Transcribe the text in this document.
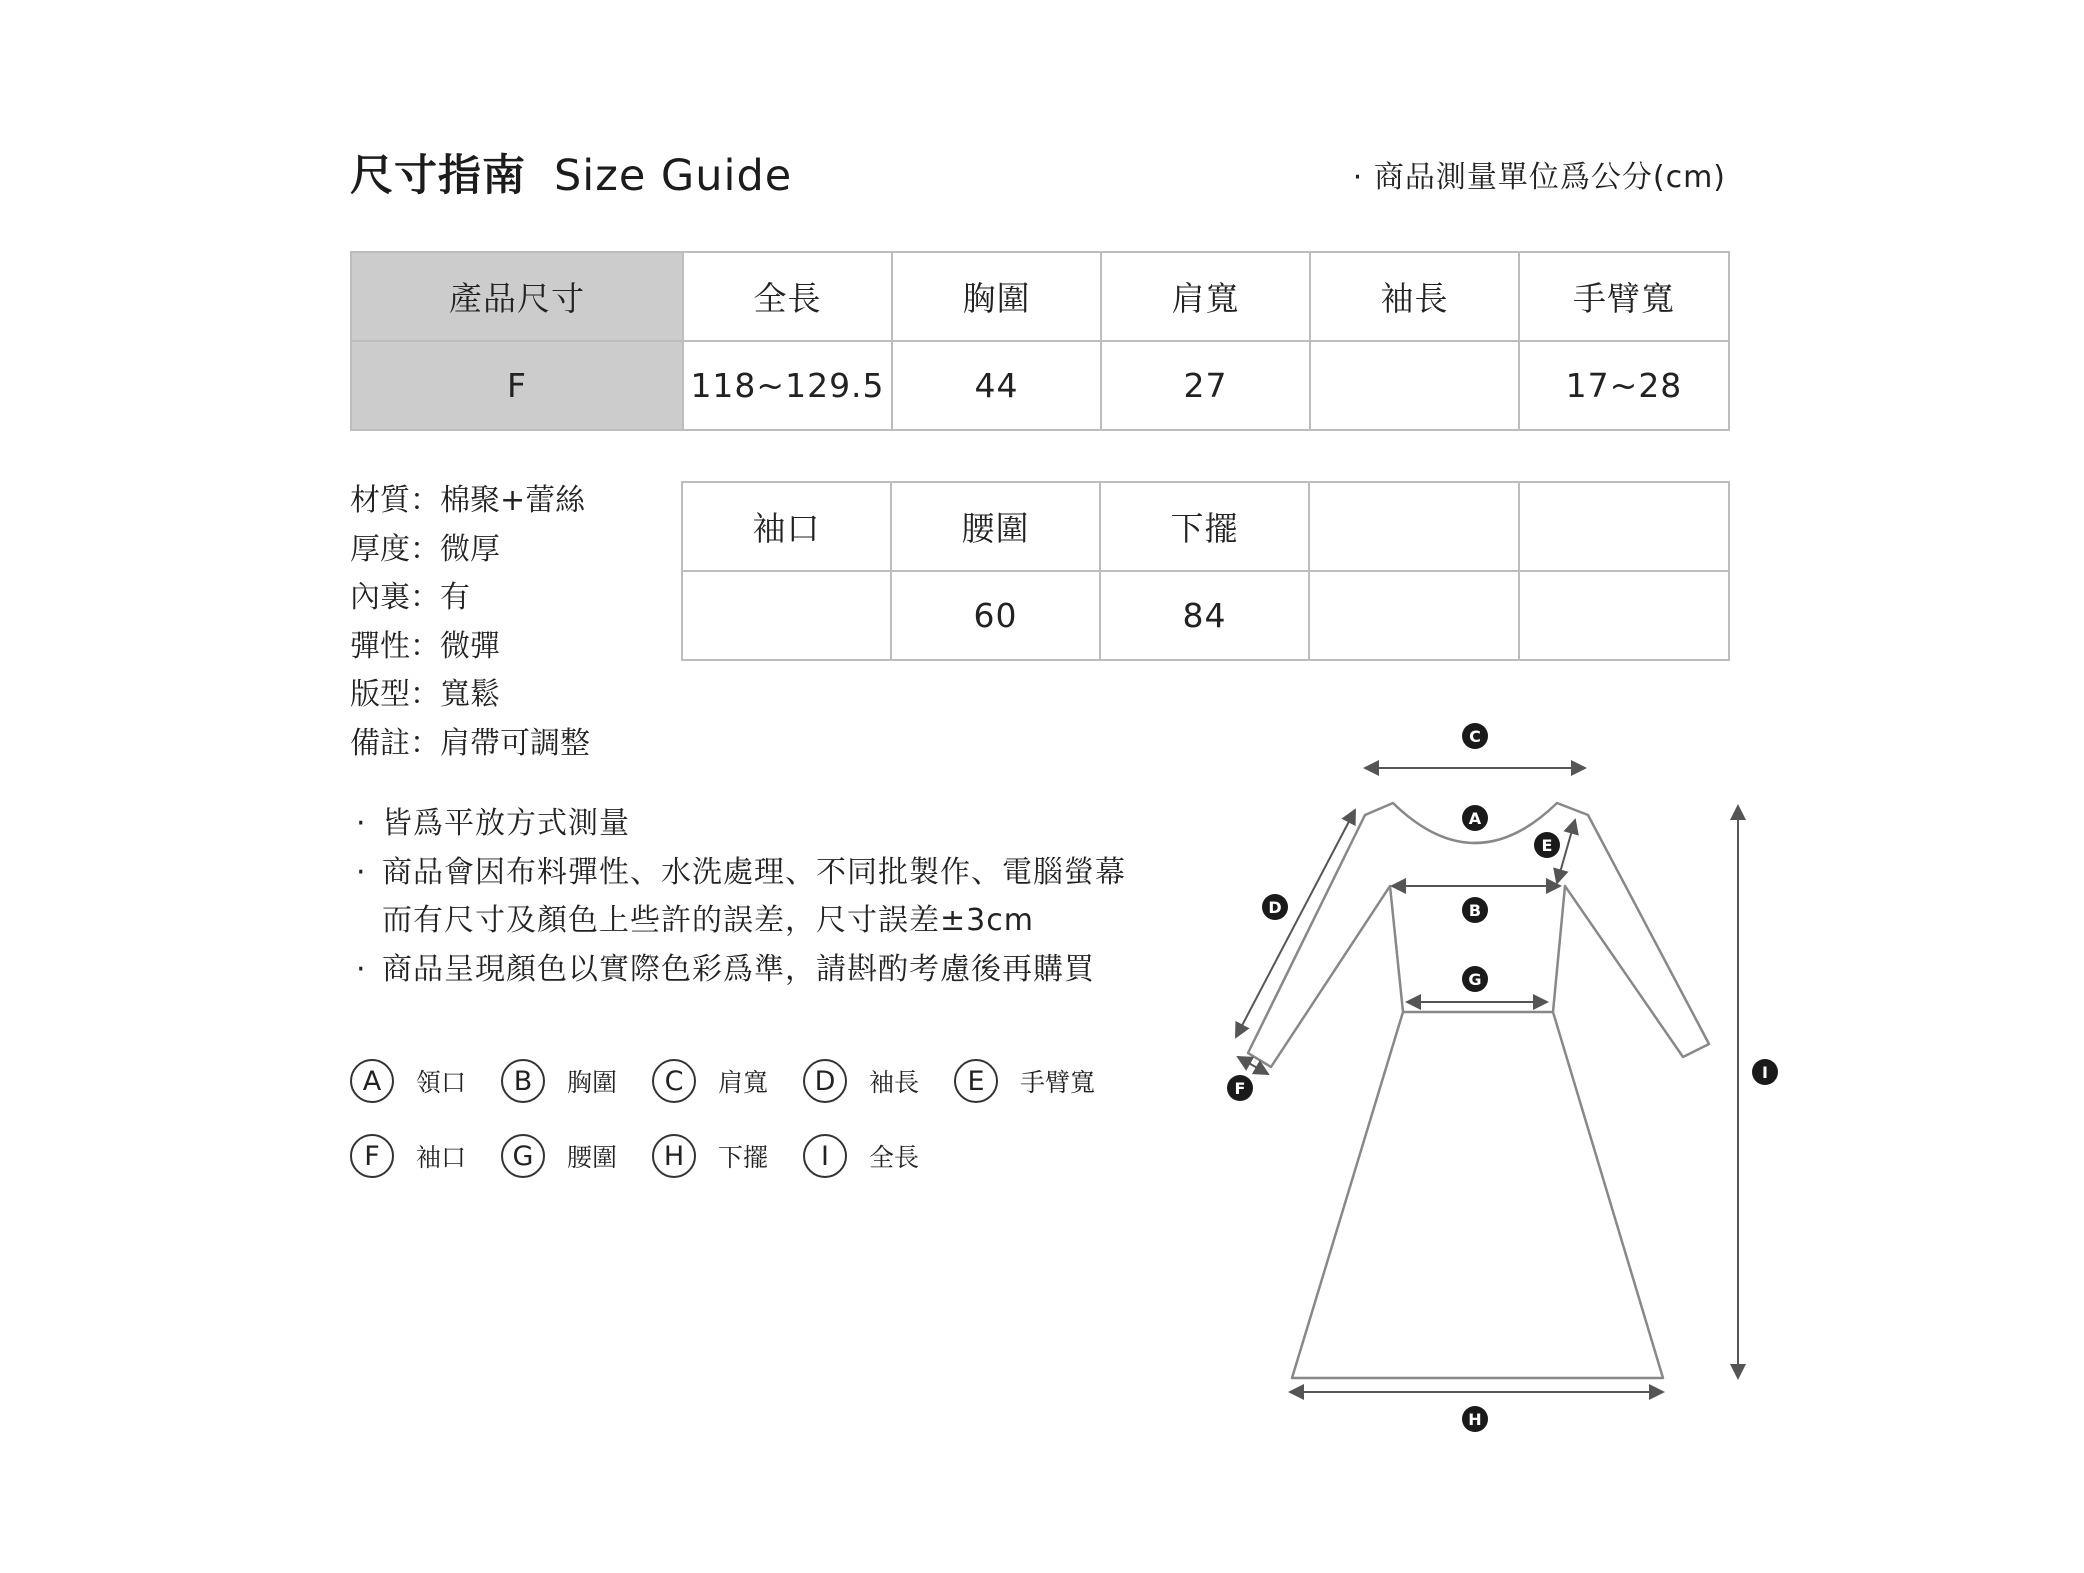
尺寸指南 Size Guide	· 商品測量單位爲公分(cm)
產品尺寸	全長	胸圍	肩寬	袖長	手臂寬
F	118~129.5	44	27		17~28
袖口	腰圍	下擺		
	60	84		
材質：棉聚+蕾絲
厚度：微厚
內裏：有
彈性：微彈
版型：寬鬆
備註：肩帶可調整
· 皆爲平放方式測量
· 商品會因布料彈性、水洗處理、不同批製作、電腦螢幕
而有尺寸及顏色上些許的誤差，尺寸誤差±3cm
· 商品呈現顏色以實際色彩爲準，請斟酌考慮後再購買
A	領口	B	胸圍	C	肩寬	D	袖長	E	手臂寬
F	袖口	G	腰圍	H	下擺	I	全長
A
B
C
D
E
F
G
H
I
